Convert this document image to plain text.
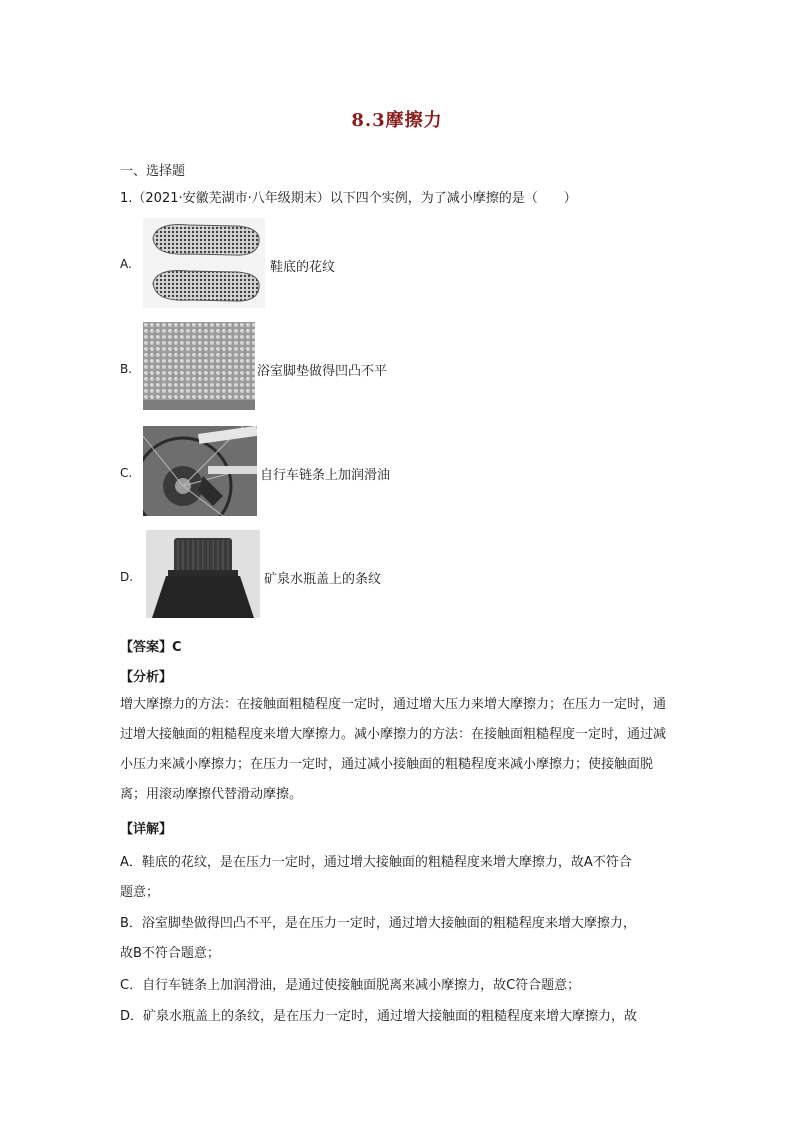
8.3摩擦力
一、选择题
1.（2021·安徽芜湖市·八年级期末）以下四个实例，为了减小摩擦的是（　　）
A.	鞋底的花纹
B.	浴室脚垫做得凹凸不平
C.	自行车链条上加润滑油
D.	矿泉水瓶盖上的条纹
【答案】C
【分析】
增大摩擦力的方法：在接触面粗糙程度一定时，通过增大压力来增大摩擦力；在压力一定时，通过增大接触面的粗糙程度来增大摩擦力。减小摩擦力的方法：在接触面粗糙程度一定时，通过减小压力来减小摩擦力；在压力一定时，通过减小接触面的粗糙程度来减小摩擦力；使接触面脱离；用滚动摩擦代替滑动摩擦。
【详解】
A．鞋底的花纹，是在压力一定时，通过增大接触面的粗糙程度来增大摩擦力，故A不符合
题意；
B．浴室脚垫做得凹凸不平，是在压力一定时，通过增大接触面的粗糙程度来增大摩擦力，
故B不符合题意；
C．自行车链条上加润滑油，是通过使接触面脱离来减小摩擦力，故C符合题意；
D．矿泉水瓶盖上的条纹，是在压力一定时，通过增大接触面的粗糙程度来增大摩擦力，故
